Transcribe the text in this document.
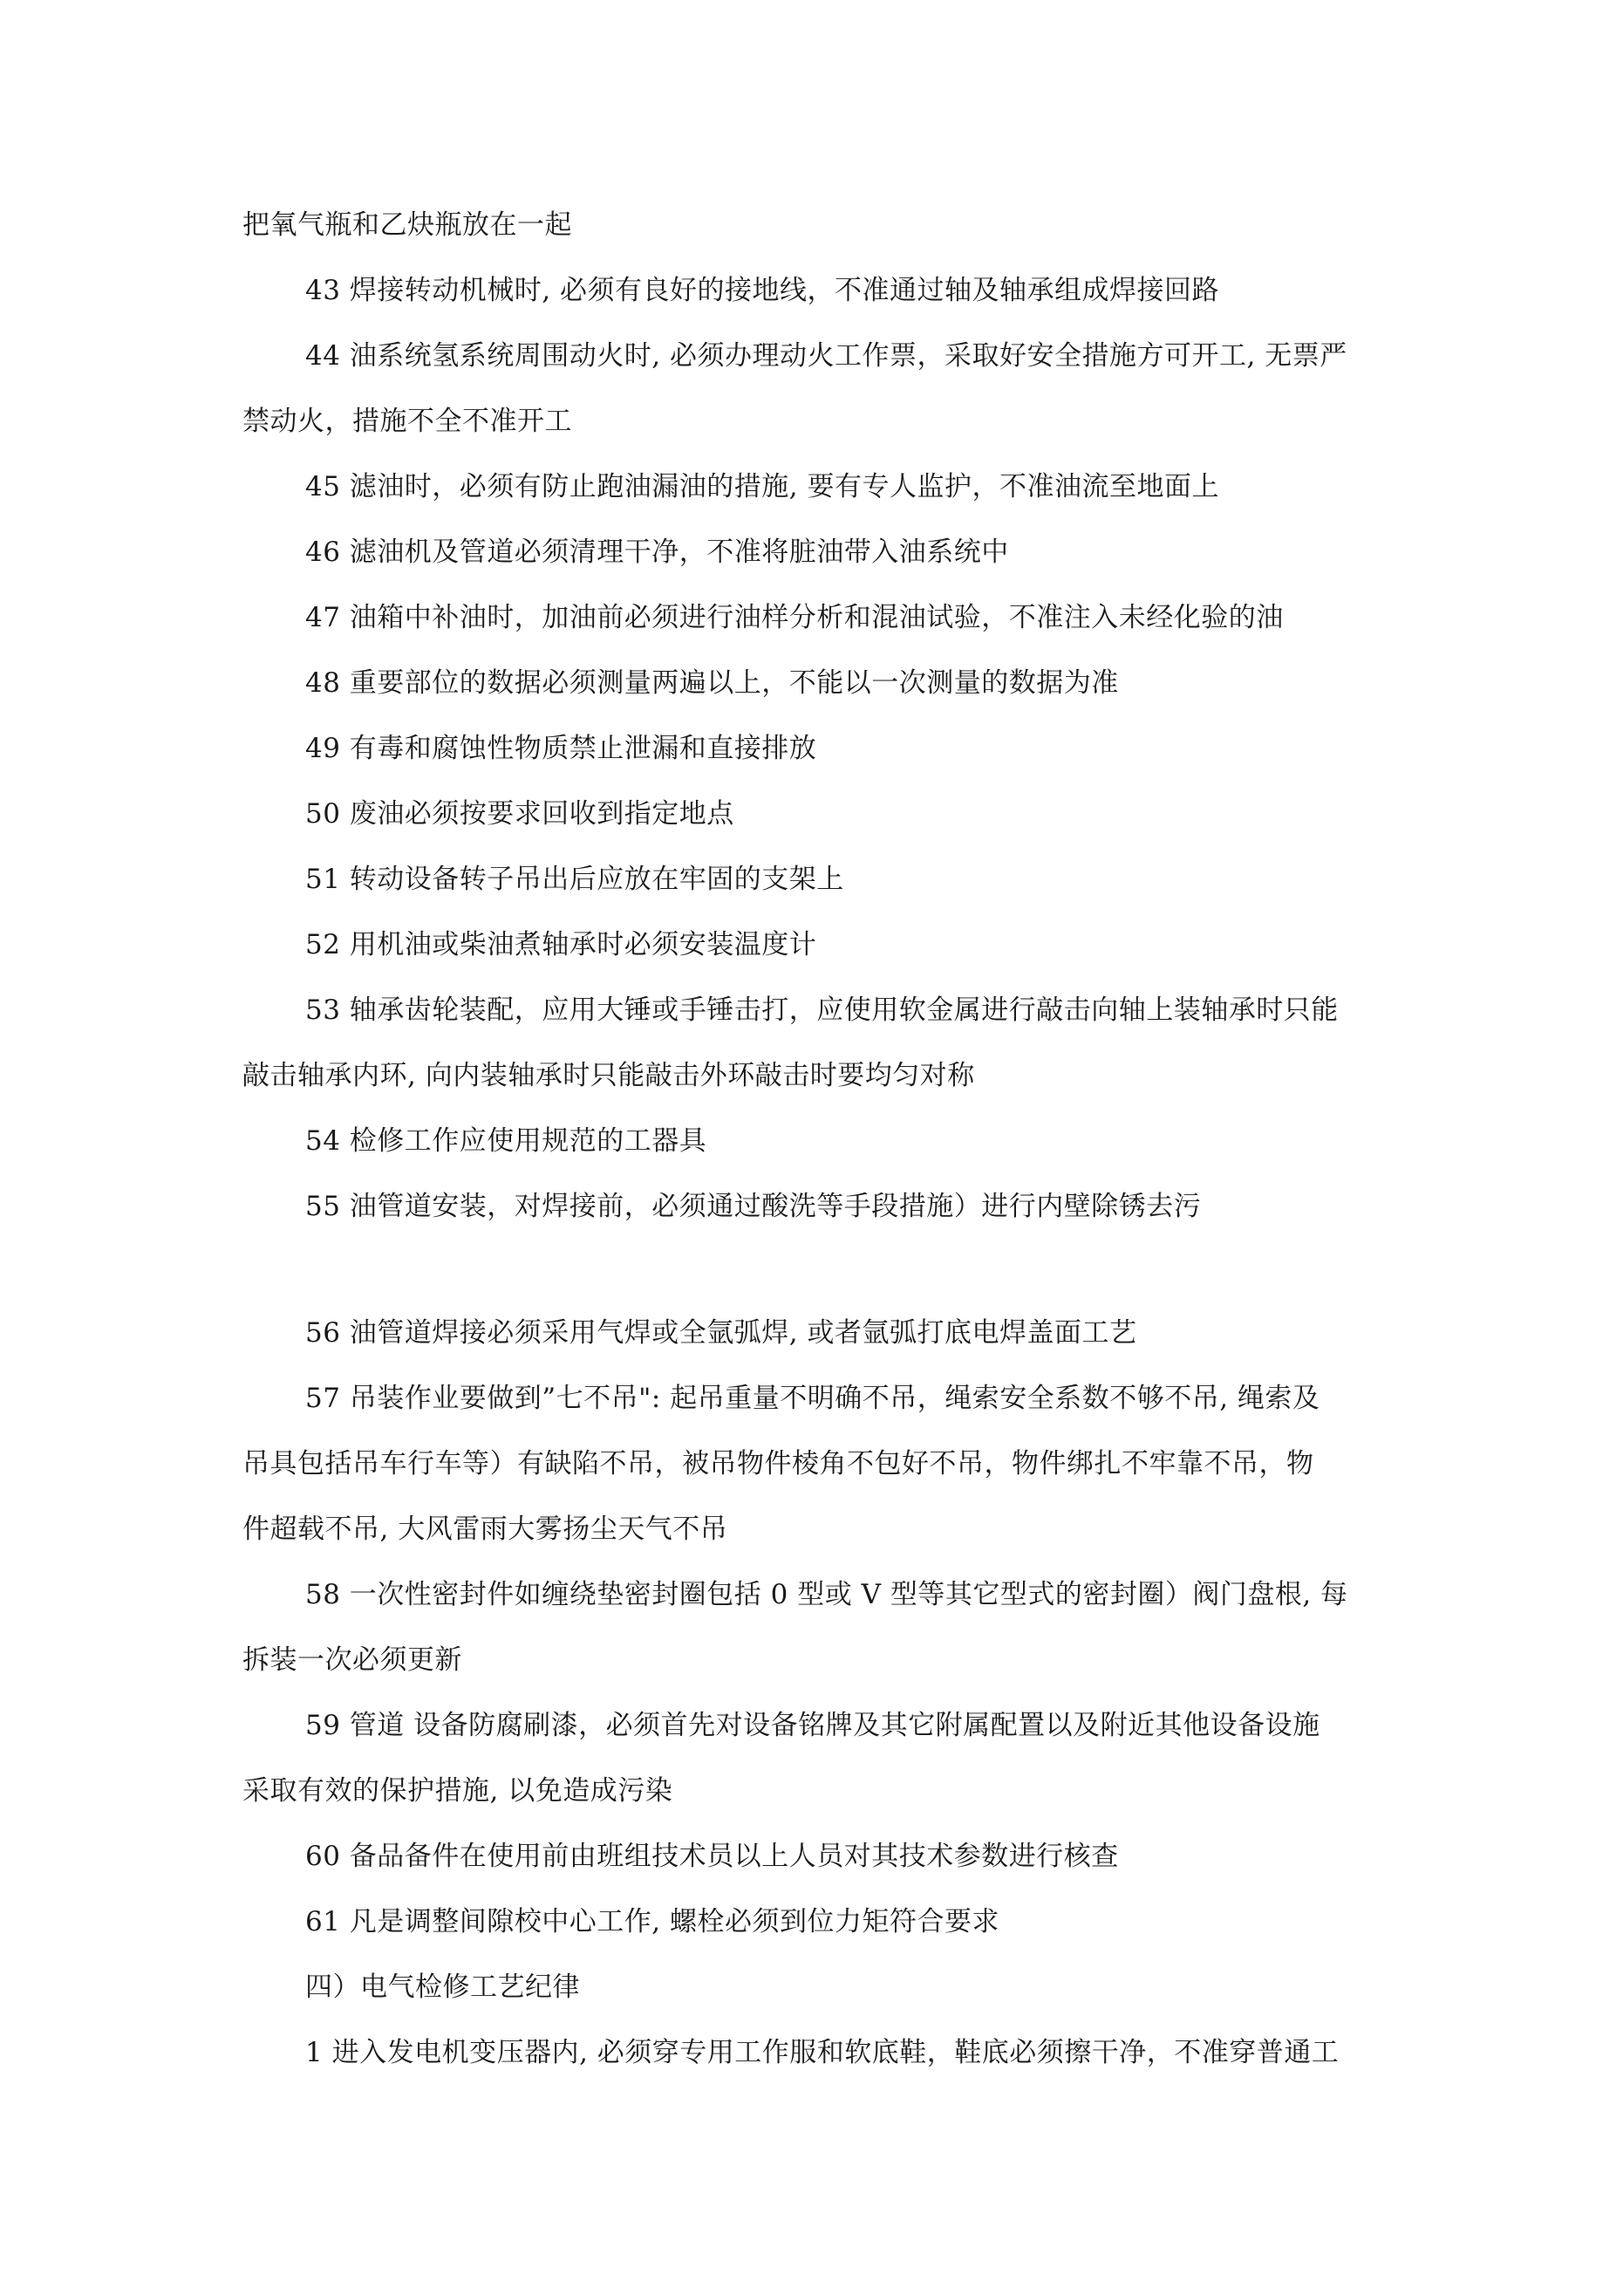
把氧气瓶和乙炔瓶放在一起
43 焊接转动机械时, 必须有良好的接地线，不准通过轴及轴承组成焊接回路
44 油系统氢系统周围动火时, 必须办理动火工作票，采取好安全措施方可开工, 无票严
禁动火，措施不全不准开工
45 滤油时，必须有防止跑油漏油的措施, 要有专人监护，不准油流至地面上
46 滤油机及管道必须清理干净，不准将脏油带入油系统中
47 油箱中补油时，加油前必须进行油样分析和混油试验，不准注入未经化验的油
48 重要部位的数据必须测量两遍以上，不能以一次测量的数据为准
49 有毒和腐蚀性物质禁止泄漏和直接排放
50 废油必须按要求回收到指定地点
51 转动设备转子吊出后应放在牢固的支架上
52 用机油或柴油煮轴承时必须安装温度计
53 轴承齿轮装配，应用大锤或手锤击打，应使用软金属进行敲击向轴上装轴承时只能
敲击轴承内环, 向内装轴承时只能敲击外环敲击时要均匀对称
54 检修工作应使用规范的工器具
55 油管道安装，对焊接前，必须通过酸洗等手段措施）进行内壁除锈去污
56 油管道焊接必须采用气焊或全氩弧焊, 或者氩弧打底电焊盖面工艺
57 吊装作业要做到”七不吊": 起吊重量不明确不吊，绳索安全系数不够不吊, 绳索及
吊具包括吊车行车等）有缺陷不吊，被吊物件棱角不包好不吊，物件绑扎不牢靠不吊，物
件超载不吊, 大风雷雨大雾扬尘天气不吊
58 一次性密封件如缠绕垫密封圈包括 0 型或 V 型等其它型式的密封圈）阀门盘根, 每
拆装一次必须更新
59 管道 设备防腐刷漆，必须首先对设备铭牌及其它附属配置以及附近其他设备设施
采取有效的保护措施, 以免造成污染
60 备品备件在使用前由班组技术员以上人员对其技术参数进行核查
61 凡是调整间隙校中心工作, 螺栓必须到位力矩符合要求
四）电气检修工艺纪律
1 进入发电机变压器内, 必须穿专用工作服和软底鞋，鞋底必须擦干净，不准穿普通工
